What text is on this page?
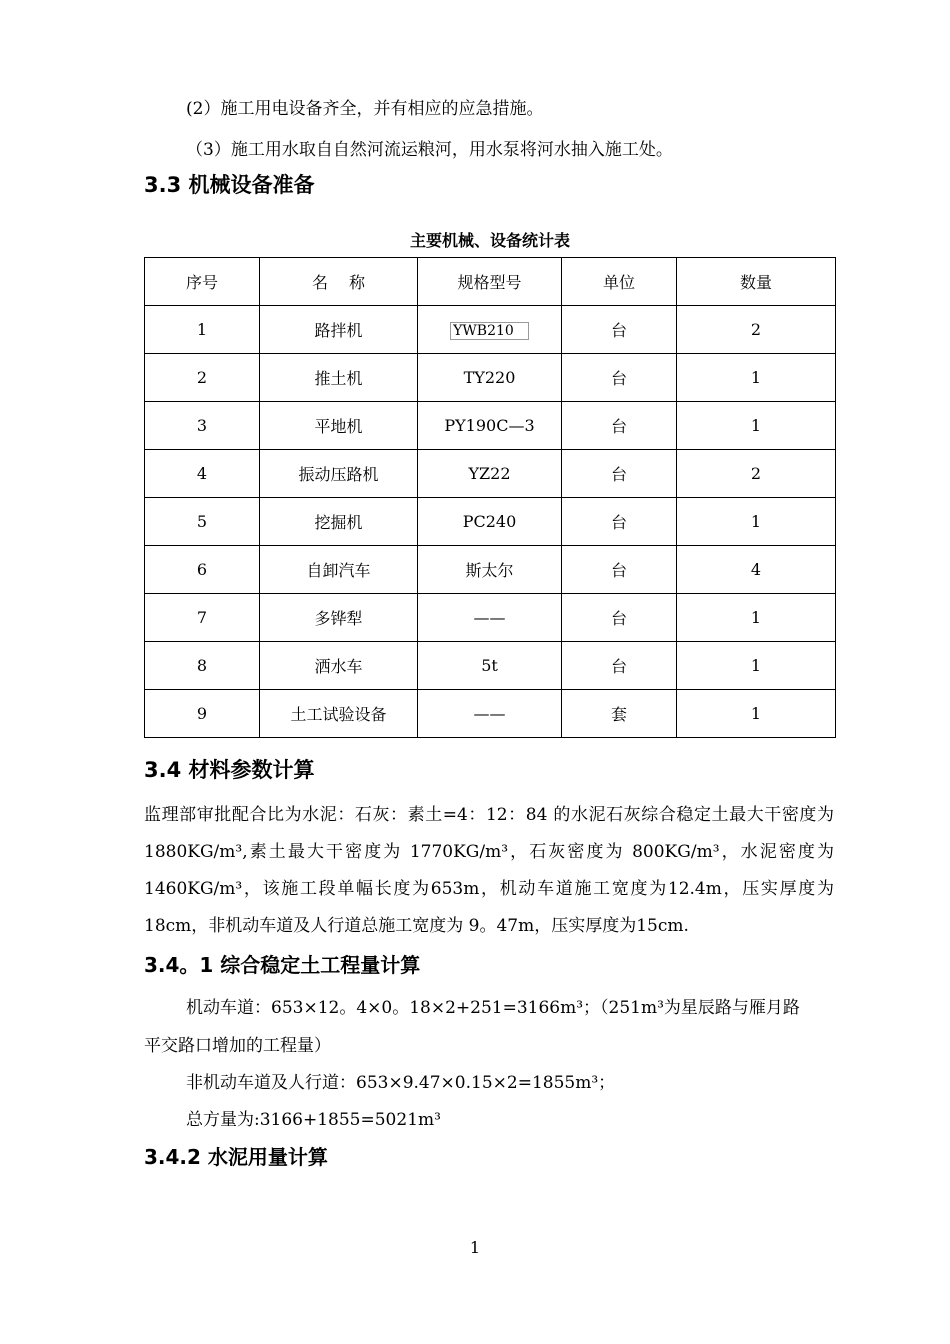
(2）施工用电设备齐全，并有相应的应急措施。
（3）施工用水取自自然河流运粮河，用水泵将河水抽入施工处。
3.3 机械设备准备
主要机械、设备统计表
序号	名　 称	规格型号	单位	数量
1	路拌机	YWB210	台	2
2	推土机	TY220	台	1
3	平地机	PY190C—3	台	1
4	振动压路机	YZ22	台	2
5	挖掘机	PC240	台	1
6	自卸汽车	斯太尔	台	4
7	多铧犁	——	台	1
8	洒水车	5t	台	1
9	土工试验设备	——	套	1
3.4 材料参数计算
监理部审批配合比为水泥：石灰：素土=4：12：84 的水泥石灰综合稳定土最大干密度为 1880KG/m³,素土最大干密度为 1770KG/m³，石灰密度为 800KG/m³，水泥密度为1460KG/m³，该施工段单幅长度为653m，机动车道施工宽度为12.4m，压实厚度为18cm，非机动车道及人行道总施工宽度为 9。47m，压实厚度为15cm.
3.4。1 综合稳定土工程量计算
机动车道：653×12。4×0。18×2+251=3166m³；（251m³为星辰路与雁月路
平交路口增加的工程量）
非机动车道及人行道：653×9.47×0.15×2=1855m³；
总方量为:3166+1855=5021m³
3.4.2 水泥用量计算
1
